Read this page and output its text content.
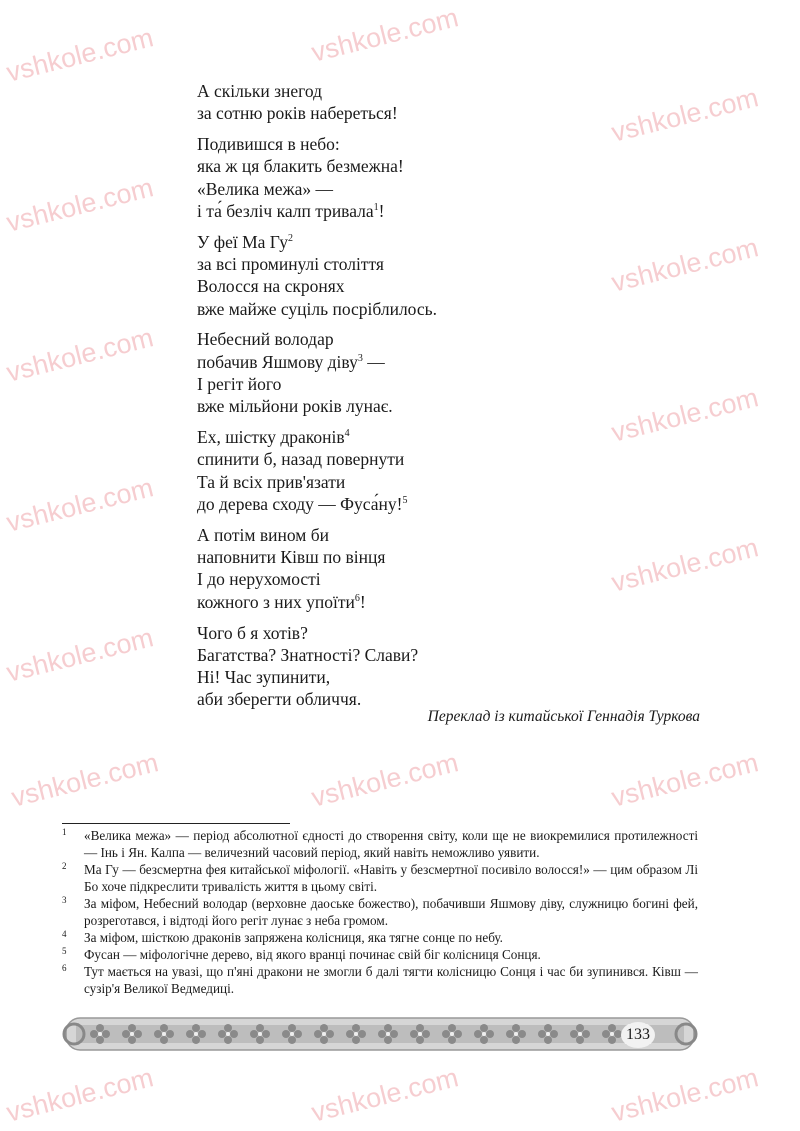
vshkole.com
vshkole.com
vshkole.com
vshkole.com
vshkole.com
vshkole.com
vshkole.com
vshkole.com
vshkole.com
vshkole.com
vshkole.com	vshkole.com	vshkole.com
vshkole.com	vshkole.com	vshkole.com
А скільки знегод
за сотню років набереться!
Подивишся в небо:
яка ж ця блакить безмежна!
«Велика межа» —
і та́ безліч калп тривала$^1$!
У феї Ма $Гу^2$
за всі проминулі століття
Волосся на скронях
вже майже суціль посріблилось.
Небесний володар
побачив Яшмову діву$^3$ —
І регіт його
вже мільйони років лунає.
Ех, шістку драконів$^4$
спинити б, назад повернути
Та й всіх прив'язати
до дерева сходу — Фуса́ну!$^5$
А потім вином би
наповнити Ківш по вінця
І до нерухомості
кожного з них упоїти$^6$!
Чого б я хотів?
Багатства? Знатності? Слави?
Ні! Час зупинити,
аби зберегти обличчя.
Переклад із китайської Геннадія Туркова
1 «Велика межа» — період абсолютної єдності до створення світу, коли ще не виокремилися протилежності — Інь і Ян. Калпа — величезний часовий період, який навіть неможливо уявити.
2 Ма Гу — безсмертна фея китайської міфології. «Навіть у безсмертної посивіло волосся!» — цим образом Лі Бо хоче підкреслити тривалість життя в цьому світі.
3 За міфом, Небесний володар (верховне даоське божество), побачивши Яшмову діву, служницю богині фей, розреготався, і відтоді його регіт лунає з неба громом.
4 За міфом, шісткою драконів запряжена колісниця, яка тягне сонце по небу.
5 Фусан — міфологічне дерево, від якого вранці починає свій біг колісниця Сонця.
6 Тут мається на увазі, що п'яні дракони не змогли б далі тягти колісницю Сонця і час би зупинився. Ківш — сузір'я Великої Ведмедиці.
133
